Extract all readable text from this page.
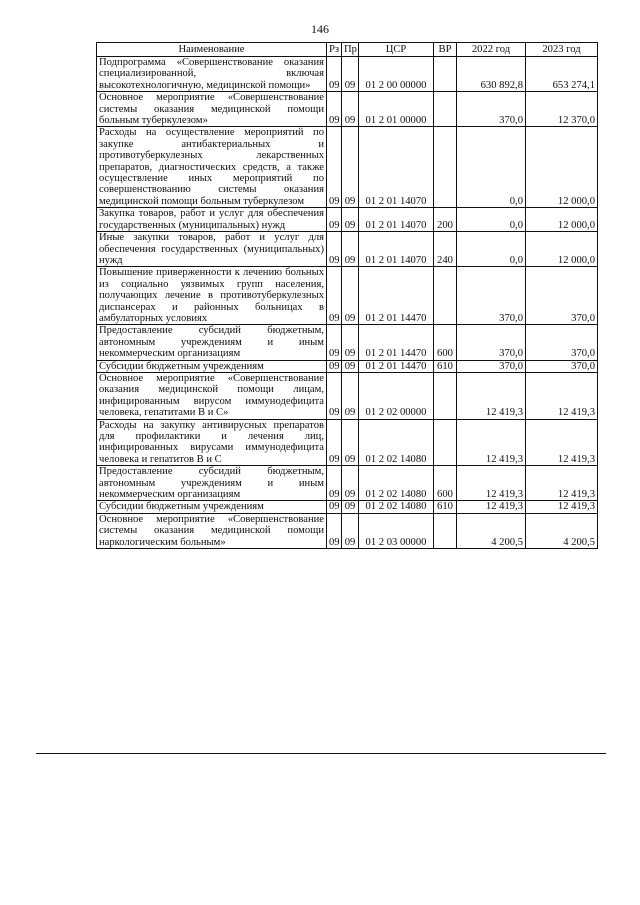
146
Наименование	Рз	Пр	ЦСР	ВР	2022 год	2023 год
Подпрограмма «Совершенствование оказания специализированной, включая высокотехнологичную, медицинской помощи»	09	09	01 2 00 00000		630 892,8	653 274,1
Основное мероприятие «Совершенствование системы оказания медицинской помощи больным туберкулезом»	09	09	01 2 01 00000		370,0	12 370,0
Расходы на осуществление мероприятий по закупке антибактериальных и противотуберкулезных лекарственных препаратов, диагностических средств, а также осуществление иных мероприятий по совершенствованию системы оказания медицинской помощи больным туберкулезом	09	09	01 2 01 14070		0,0	12 000,0
Закупка товаров, работ и услуг для обеспечения государственных (муниципальных) нужд	09	09	01 2 01 14070	200	0,0	12 000,0
Иные закупки товаров, работ и услуг для обеспечения государственных (муниципальных) нужд	09	09	01 2 01 14070	240	0,0	12 000,0
Повышение приверженности к лечению больных из социально уязвимых групп населения, получающих лечение в противотуберкулезных диспансерах и районных больницах в амбулаторных условиях	09	09	01 2 01 14470		370,0	370,0
Предоставление субсидий бюджетным, автономным учреждениям и иным некоммерческим организациям	09	09	01 2 01 14470	600	370,0	370,0
Субсидии бюджетным учреждениям	09	09	01 2 01 14470	610	370,0	370,0
Основное мероприятие «Совершенствование оказания медицинской помощи лицам, инфицированным вирусом иммунодефицита человека, гепатитами В и С»	09	09	01 2 02 00000		12 419,3	12 419,3
Расходы на закупку антивирусных препаратов для профилактики и лечения лиц, инфицированных вирусами иммунодефицита человека и гепатитов В и С	09	09	01 2 02 14080		12 419,3	12 419,3
Предоставление субсидий бюджетным, автономным учреждениям и иным некоммерческим организациям	09	09	01 2 02 14080	600	12 419,3	12 419,3
Субсидии бюджетным учреждениям	09	09	01 2 02 14080	610	12 419,3	12 419,3
Основное мероприятие «Совершенствование системы оказания медицинской помощи наркологическим больным»	09	09	01 2 03 00000		4 200,5	4 200,5
